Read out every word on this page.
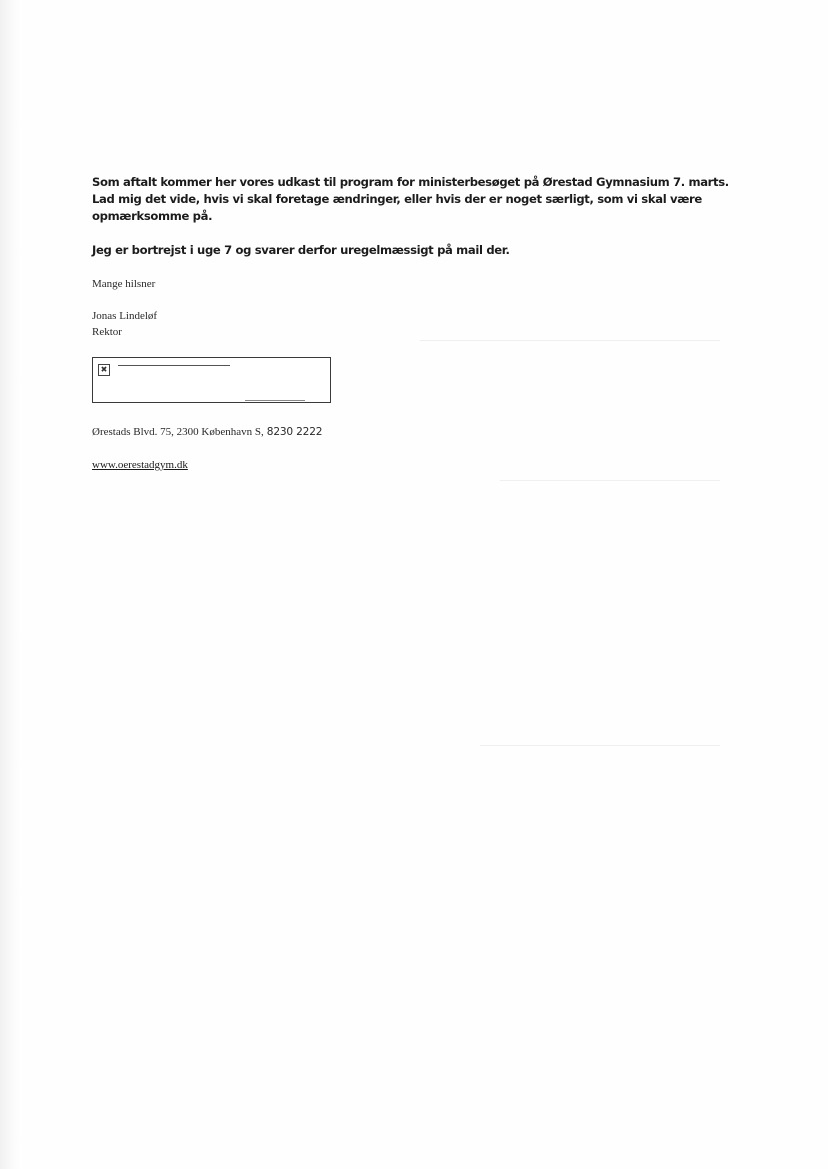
Som aftalt kommer her vores udkast til program for ministerbesøget på Ørestad Gymnasium 7. marts. Lad mig det vide, hvis vi skal foretage ændringer, eller hvis der er noget særligt, som vi skal være opmærksomme på.

Jeg er bortrejst i uge 7 og svarer derfor uregelmæssigt på mail der.

Mange hilsner

Jonas Lindeløf

Rektor

✖

Ørestads Blvd. 75, 2300 København S, 8230 2222

www.oerestadgym.dk
